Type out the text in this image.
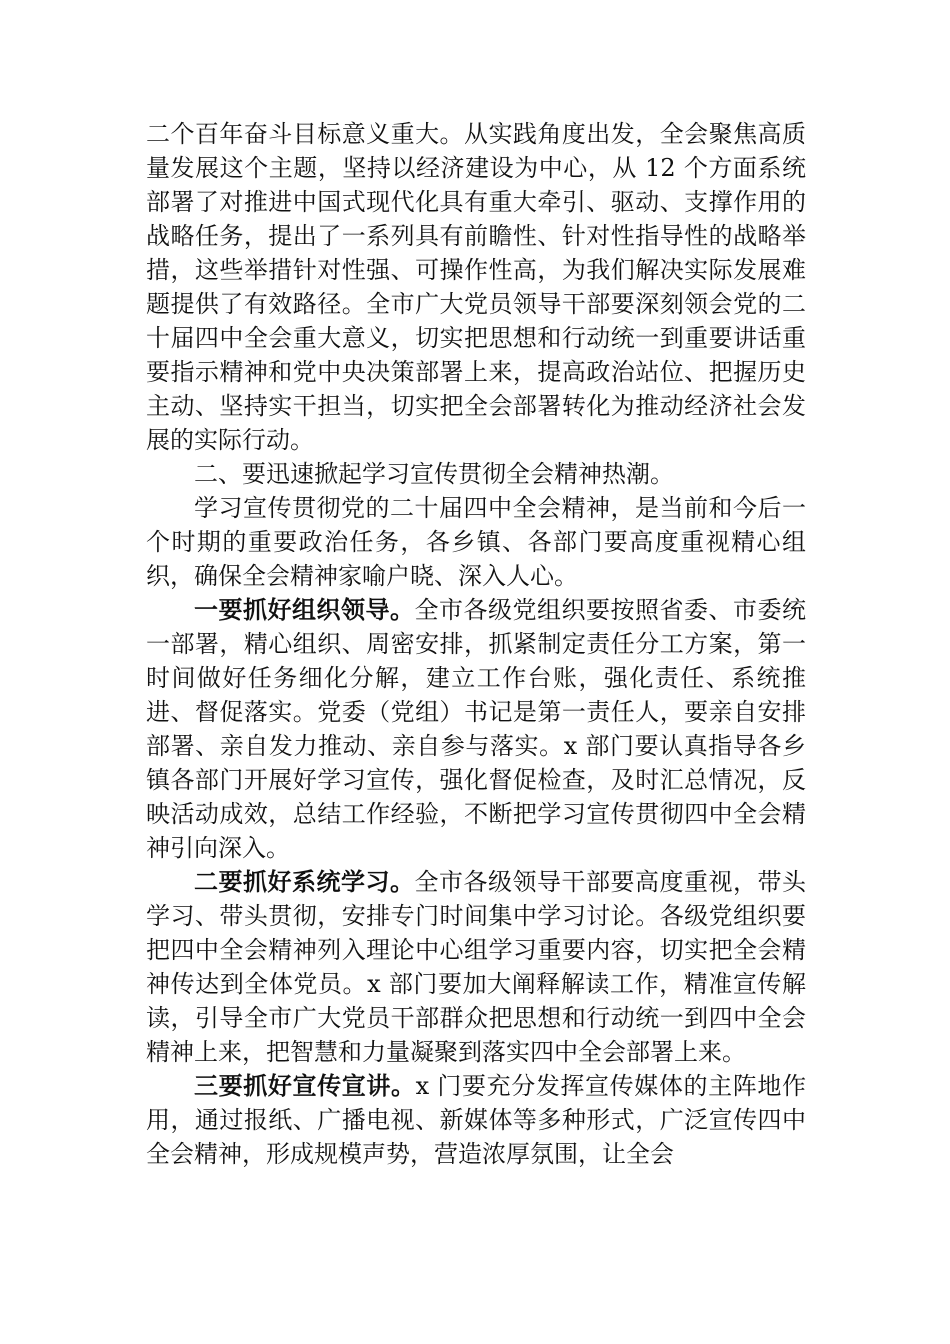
二个百年奋斗目标意义重大。从实践角度出发，全会聚焦高质量发展这个主题，坚持以经济建设为中心，从 12 个方面系统部署了对推进中国式现代化具有重大牵引、驱动、支撑作用的战略任务，提出了一系列具有前瞻性、针对性指导性的战略举措，这些举措针对性强、可操作性高，为我们解决实际发展难题提供了有效路径。全市广大党员领导干部要深刻领会党的二十届四中全会重大意义，切实把思想和行动统一到重要讲话重要指示精神和党中央决策部署上来，提高政治站位、把握历史主动、坚持实干担当，切实把全会部署转化为推动经济社会发展的实际行动。

二、要迅速掀起学习宣传贯彻全会精神热潮。

学习宣传贯彻党的二十届四中全会精神，是当前和今后一个时期的重要政治任务，各乡镇、各部门要高度重视精心组织，确保全会精神家喻户晓、深入人心。

一要抓好组织领导。全市各级党组织要按照省委、市委统一部署，精心组织、周密安排，抓紧制定责任分工方案，第一时间做好任务细化分解，建立工作台账，强化责任、系统推进、督促落实。党委（党组）书记是第一责任人，要亲自安排部署、亲自发力推动、亲自参与落实。x 部门要认真指导各乡镇各部门开展好学习宣传，强化督促检查，及时汇总情况，反映活动成效，总结工作经验，不断把学习宣传贯彻四中全会精神引向深入。

二要抓好系统学习。全市各级领导干部要高度重视，带头学习、带头贯彻，安排专门时间集中学习讨论。各级党组织要把四中全会精神列入理论中心组学习重要内容，切实把全会精神传达到全体党员。x 部门要加大阐释解读工作，精准宣传解读，引导全市广大党员干部群众把思想和行动统一到四中全会精神上来，把智慧和力量凝聚到落实四中全会部署上来。

三要抓好宣传宣讲。x 门要充分发挥宣传媒体的主阵地作用，通过报纸、广播电视、新媒体等多种形式，广泛宣传四中全会精神，形成规模声势，营造浓厚氛围，让全会
